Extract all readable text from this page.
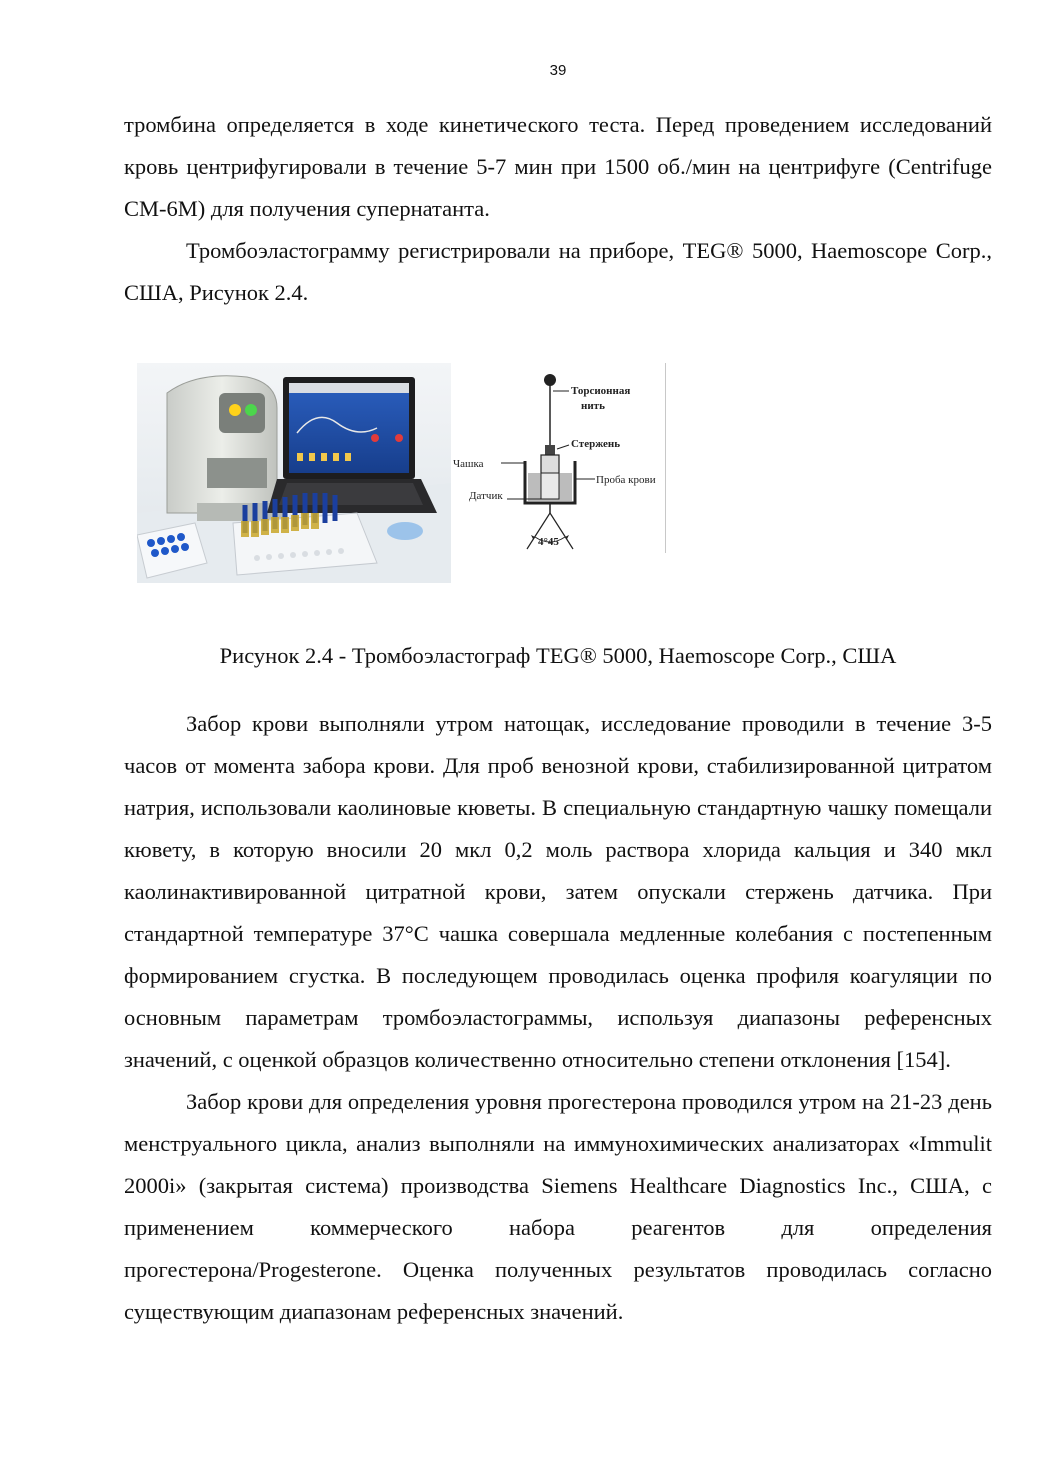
39

тромбина определяется в ходе кинетического теста. Перед проведением исследований кровь центрифугировали в течение 5-7 мин при 1500 об./мин на центрифуге (Centrifuge СМ-6М) для получения супернатанта.

Тромбоэластограмму регистрировали на приборе, TEG® 5000, Haemoscope Corp., США, Рисунок 2.4.

Торсионная
нить
Стержень
Чашка
Проба крови
Датчик
4°45
Рисунок 2.4 - Тромбоэластограф TEG® 5000, Haemoscope Corp., США

Забор крови выполняли утром натощак, исследование проводили в течение 3-5 часов от момента забора крови. Для проб венозной крови, стабилизированной цитратом натрия, использовали каолиновые кюветы. В специальную стандартную чашку помещали кювету, в которую вносили 20 мкл 0,2 моль раствора хлорида кальция и 340 мкл каолинактивированной цитратной крови, затем опускали стержень датчика. При стандартной температуре 37°С чашка совершала медленные колебания с постепенным формированием сгустка. В последующем проводилась оценка профиля коагуляции по основным параметрам тромбоэластограммы, используя диапазоны референсных значений, с оценкой образцов количественно относительно степени отклонения [154].

Забор крови для определения уровня прогестерона проводился утром на 21-23 день менструального цикла, анализ выполняли на иммунохимических анализаторах «Immulit 2000i» (закрытая система) производства Siemens Healthcare Diagnostics Inc., США, с применением коммерческого набора реагентов для определения прогестерона/Progesterone. Оценка полученных результатов проводилась согласно существующим диапазонам референсных значений.
